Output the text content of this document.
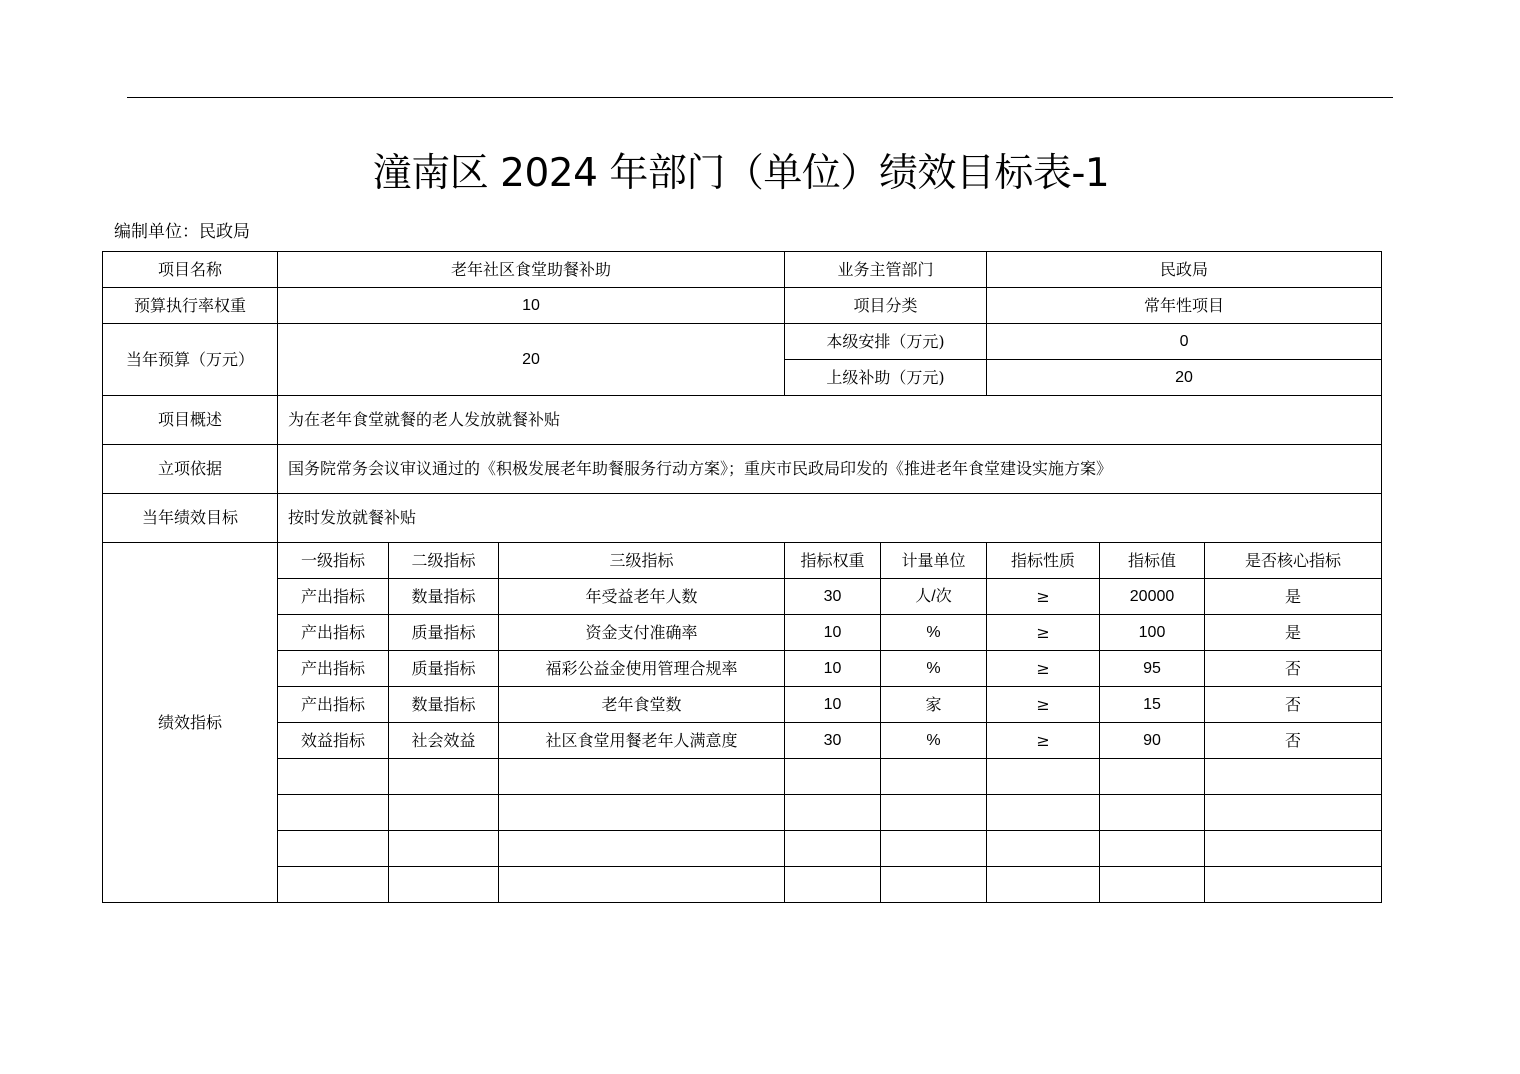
潼南区 2024 年部门（单位）绩效目标表-1
编制单位：民政局
项目名称	老年社区食堂助餐补助			业务主管部门		民政局		
预算执行率权重	10			项目分类		常年性项目		
当年预算（万元）	20			本级安排（万元)		0		
				上级补助（万元)		20		
项目概述	为在老年食堂就餐的老人发放就餐补贴							
立项依据	国务院常务会议审议通过的《积极发展老年助餐服务行动方案》；重庆市民政局印发的《推进老年食堂建设实施方案》							
当年绩效目标	按时发放就餐补贴							
绩效指标	一级指标	二级指标	三级指标	指标权重	计量单位	指标性质	指标值	是否核心指标
	产出指标	数量指标	年受益老年人数	30	人/次	≥	20000	是
	产出指标	质量指标	资金支付准确率	10	%	≥	100	是
	产出指标	质量指标	福彩公益金使用管理合规率	10	%	≥	95	否
	产出指标	数量指标	老年食堂数	10	家	≥	15	否
	效益指标	社会效益	社区食堂用餐老年人满意度	30	%	≥	90	否
